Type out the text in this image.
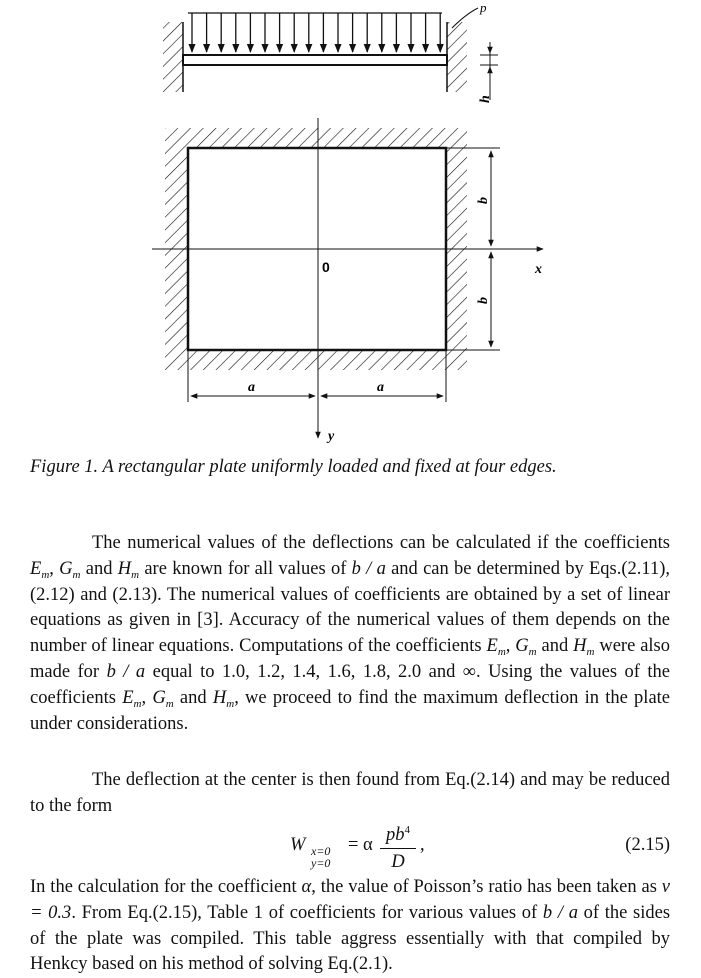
p
h
0	x
y
b
b
a	a
Figure 1. A rectangular plate uniformly loaded and fixed at four edges.
The numerical values of the deflections can be calculated if the coefficients $E_m$, $G_m$ and $H_m$ are known for all values of b / a and can be determined by Eqs.(2.11), (2.12) and (2.13). The numerical values of coefficients are obtained by a set of linear equations as given in [3]. Accuracy of the numerical values of them depends on the number of linear equations. Computations of the coefficients $E_m$, $G_m$ and $H_m$ were also made for b / a equal to 1.0, 1.2, 1.4, 1.6, 1.8, 2.0 and ∞. Using the values of the coefficients $E_m$, $G_m$ and $H_m$, we proceed to find the maximum deflection in the plate under considerations.
The deflection at the center is then found from Eq.(2.14) and may be reduced to the form
W x=0
y=0
= α $pb^4$
D
,	(2.15)
In the calculation for the coefficient α, the value of Poisson’s ratio has been taken as ν = 0.3. From Eq.(2.15), Table 1 of coefficients for various values of b / a of the sides of the plate was compiled. This table aggress essentially with that compiled by Henkcy based on his method of solving Eq.(2.1).
